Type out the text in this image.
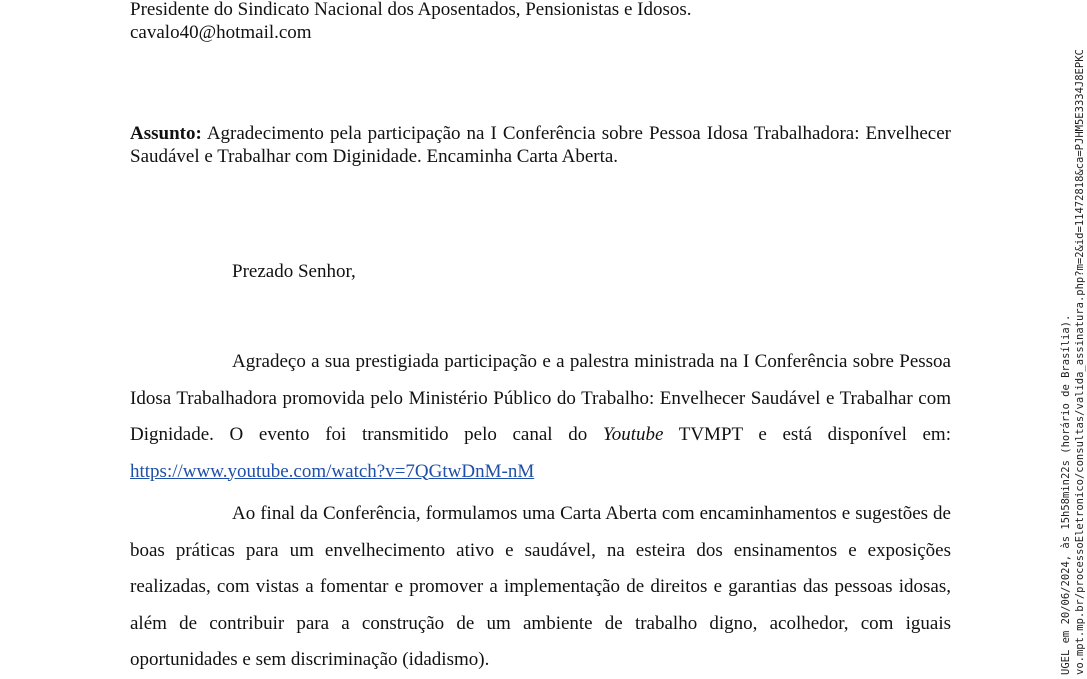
Presidente do Sindicato Nacional dos Aposentados, Pensionistas e Idosos.
cavalo40@hotmail.com
Assunto: Agradecimento pela participação na I Conferência sobre Pessoa Idosa Trabalhadora: Envelhecer Saudável e Trabalhar com Diginidade. Encaminha Carta Aberta.
Prezado Senhor,

Agradeço a sua prestigiada participação e a palestra ministrada na I Conferência sobre Pessoa Idosa Trabalhadora promovida pelo Ministério Público do Trabalho: Envelhecer Saudável e Trabalhar com Dignidade. O evento foi transmitido pelo canal do Youtube TVMPT e está disponível em: https://www.youtube.com/watch?v=7QGtwDnM-nM

Ao final da Conferência, formulamos uma Carta Aberta com encaminhamentos e sugestões de boas práticas para um envelhecimento ativo e saudável, na esteira dos ensinamentos e exposições realizadas, com vistas a fomentar e promover a implementação de direitos e garantias das pessoas idosas, além de contribuir para a construção de um ambiente de trabalho digno, acolhedor, com iguais oportunidades e sem discriminação (idadismo).	UGEL em 20/06/2024, às 15h58min22s (horário de Brasília). vo.mpt.mp.br/processoEletronico/consultas/valida_assinatura.php?m=2&id=11472818&ca=PJHM5E3334J8EPKC
